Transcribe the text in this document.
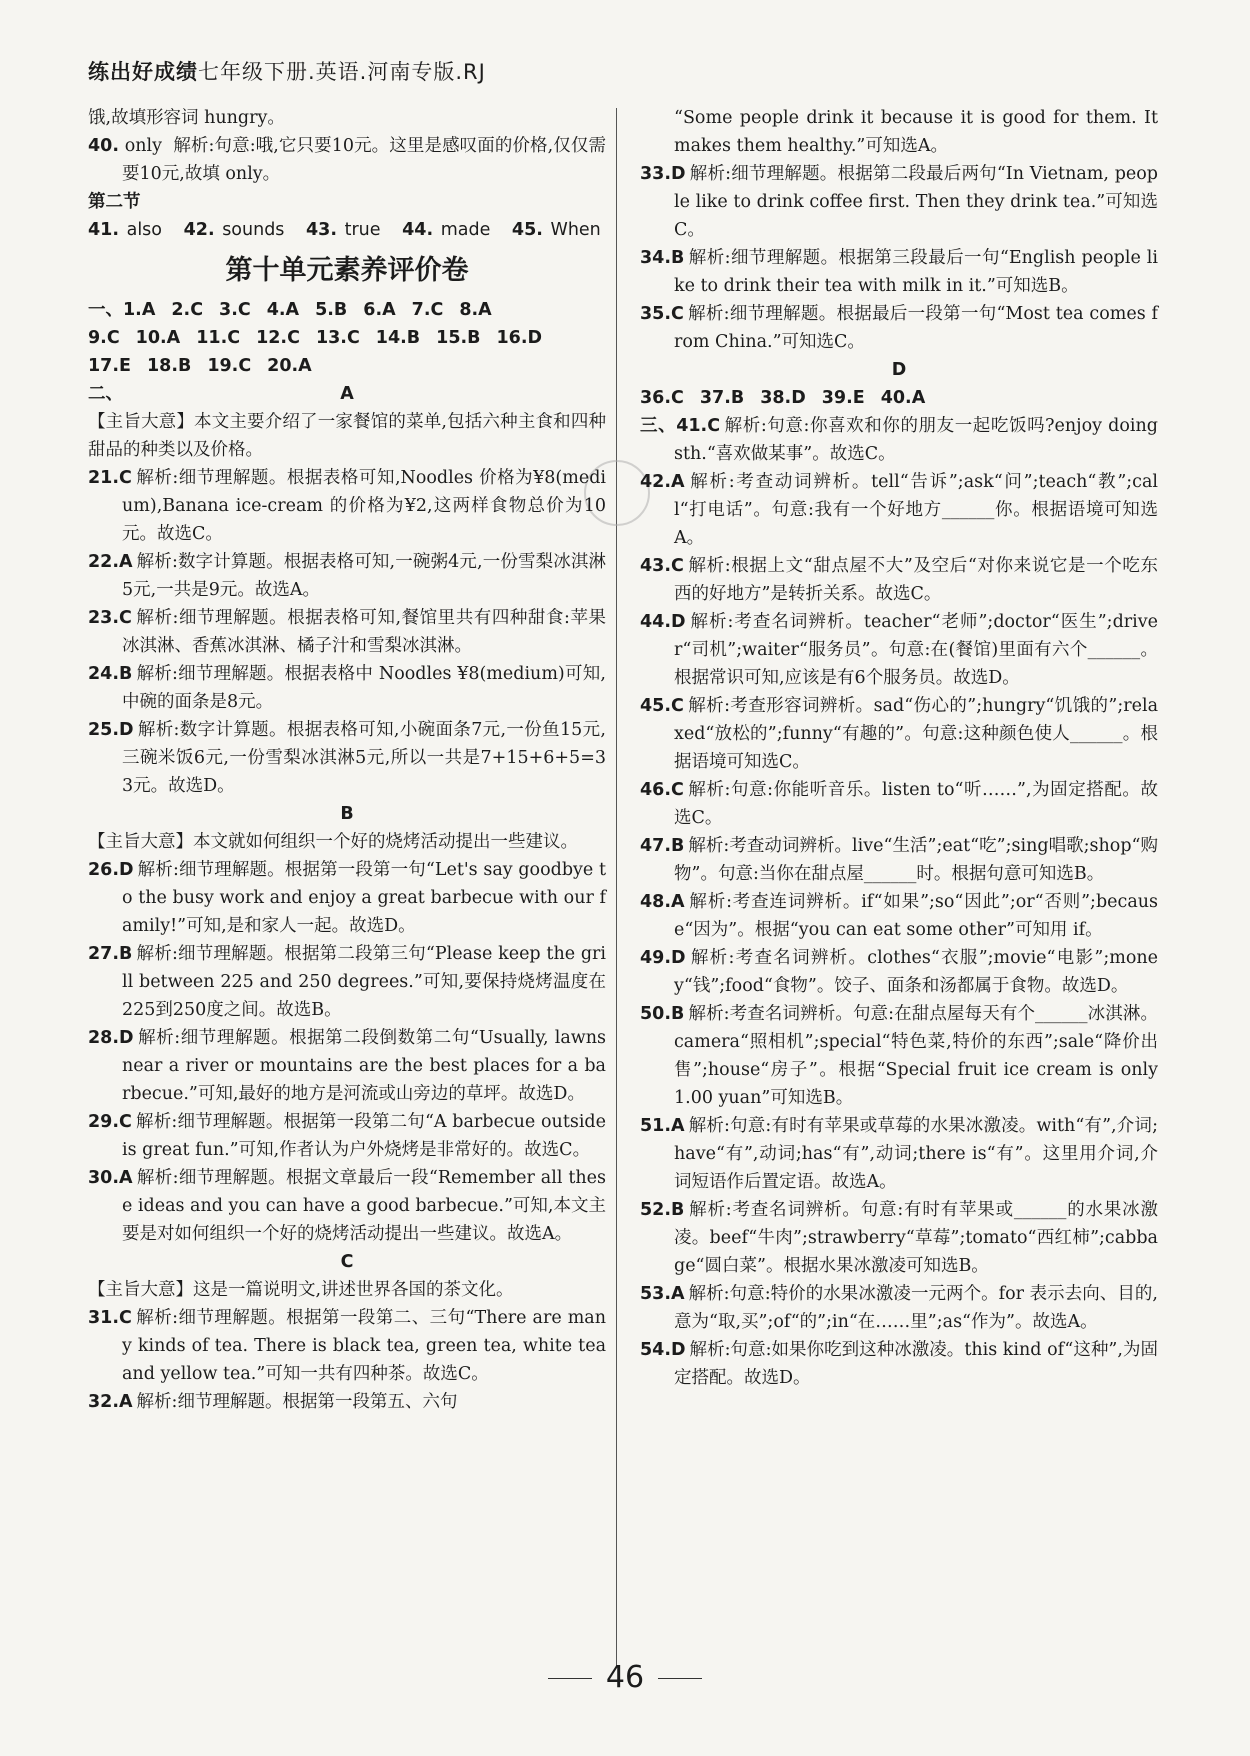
练出好成绩七年级下册.英语.河南专版.RJ

饿,故填形容词 hungry。

40. only 解析:句意:哦,它只要10元。这里是感叹面的价格,仅仅需要10元,故填 only。

第二节

41. also 42. sounds 43. true 44. made 45. When

第十单元素养评价卷

一、1.A 2.C 3.C 4.A 5.B 6.A 7.C 8.A

9.C 10.A 11.C 12.C 13.C 14.B 15.B 16.D

17.E 18.B 19.C 20.A

二、	A

【主旨大意】本文主要介绍了一家餐馆的菜单,包括六种主食和四种甜品的种类以及价格。

21.C 解析:细节理解题。根据表格可知,Noodles 价格为¥8(medium),Banana ice-cream 的价格为¥2,这两样食物总价为10元。故选C。

22.A 解析:数字计算题。根据表格可知,一碗粥4元,一份雪梨冰淇淋5元,一共是9元。故选A。

23.C 解析:细节理解题。根据表格可知,餐馆里共有四种甜食:苹果冰淇淋、香蕉冰淇淋、橘子汁和雪梨冰淇淋。

24.B 解析:细节理解题。根据表格中 Noodles ¥8(medium)可知,中碗的面条是8元。

25.D 解析:数字计算题。根据表格可知,小碗面条7元,一份鱼15元,三碗米饭6元,一份雪梨冰淇淋5元,所以一共是7+15+6+5=33元。故选D。

B

【主旨大意】本文就如何组织一个好的烧烤活动提出一些建议。

26.D 解析:细节理解题。根据第一段第一句“Let's say goodbye to the busy work and enjoy a great barbecue with our family!”可知,是和家人一起。故选D。

27.B 解析:细节理解题。根据第二段第三句“Please keep the grill between 225 and 250 degrees.”可知,要保持烧烤温度在225到250度之间。故选B。

28.D 解析:细节理解题。根据第二段倒数第二句“Usually, lawns near a river or mountains are the best places for a barbecue.”可知,最好的地方是河流或山旁边的草坪。故选D。

29.C 解析:细节理解题。根据第一段第二句“A barbecue outside is great fun.”可知,作者认为户外烧烤是非常好的。故选C。

30.A 解析:细节理解题。根据文章最后一段“Remember all these ideas and you can have a good barbecue.”可知,本文主要是对如何组织一个好的烧烤活动提出一些建议。故选A。

C

【主旨大意】这是一篇说明文,讲述世界各国的茶文化。

31.C 解析:细节理解题。根据第一段第二、三句“There are many kinds of tea. There is black tea, green tea, white tea and yellow tea.”可知一共有四种茶。故选C。

32.A 解析:细节理解题。根据第一段第五、六句

“Some people drink it because it is good for them. It makes them healthy.”可知选A。

33.D 解析:细节理解题。根据第二段最后两句“In Vietnam, people like to drink coffee first. Then they drink tea.”可知选C。

34.B 解析:细节理解题。根据第三段最后一句“English people like to drink their tea with milk in it.”可知选B。

35.C 解析:细节理解题。根据最后一段第一句“Most tea comes from China.”可知选C。

D

36.C 37.B 38.D 39.E 40.A

三、41.C 解析:句意:你喜欢和你的朋友一起吃饭吗?enjoy doing sth.“喜欢做某事”。故选C。

42.A 解析:考查动词辨析。tell“告诉”;ask“问”;teach“教”;call“打电话”。句意:我有一个好地方______你。根据语境可知选A。

43.C 解析:根据上文“甜点屋不大”及空后“对你来说它是一个吃东西的好地方”是转折关系。故选C。

44.D 解析:考查名词辨析。teacher“老师”;doctor“医生”;driver“司机”;waiter“服务员”。句意:在(餐馆)里面有六个______。根据常识可知,应该是有6个服务员。故选D。

45.C 解析:考查形容词辨析。sad“伤心的”;hungry“饥饿的”;relaxed“放松的”;funny“有趣的”。句意:这种颜色使人______。根据语境可知选C。

46.C 解析:句意:你能听音乐。listen to“听……”,为固定搭配。故选C。

47.B 解析:考查动词辨析。live“生活”;eat“吃”;sing唱歌;shop“购物”。句意:当你在甜点屋______时。根据句意可知选B。

48.A 解析:考查连词辨析。if“如果”;so“因此”;or“否则”;because“因为”。根据“you can eat some other”可知用 if。

49.D 解析:考查名词辨析。clothes“衣服”;movie“电影”;money“钱”;food“食物”。饺子、面条和汤都属于食物。故选D。

50.B 解析:考查名词辨析。句意:在甜点屋每天有个______冰淇淋。camera“照相机”;special“特色菜,特价的东西”;sale“降价出售”;house“房子”。根据“Special fruit ice cream is only 1.00 yuan”可知选B。

51.A 解析:句意:有时有苹果或草莓的水果冰激凌。with“有”,介词;have“有”,动词;has“有”,动词;there is“有”。这里用介词,介词短语作后置定语。故选A。

52.B 解析:考查名词辨析。句意:有时有苹果或______的水果冰激凌。beef“牛肉”;strawberry“草莓”;tomato“西红柿”;cabbage“圆白菜”。根据水果冰激凌可知选B。

53.A 解析:句意:特价的水果冰激凌一元两个。for 表示去向、目的,意为“取,买”;of“的”;in“在……里”;as“作为”。故选A。

54.D 解析:句意:如果你吃到这种冰激凌。this kind of“这种”,为固定搭配。故选D。

46
